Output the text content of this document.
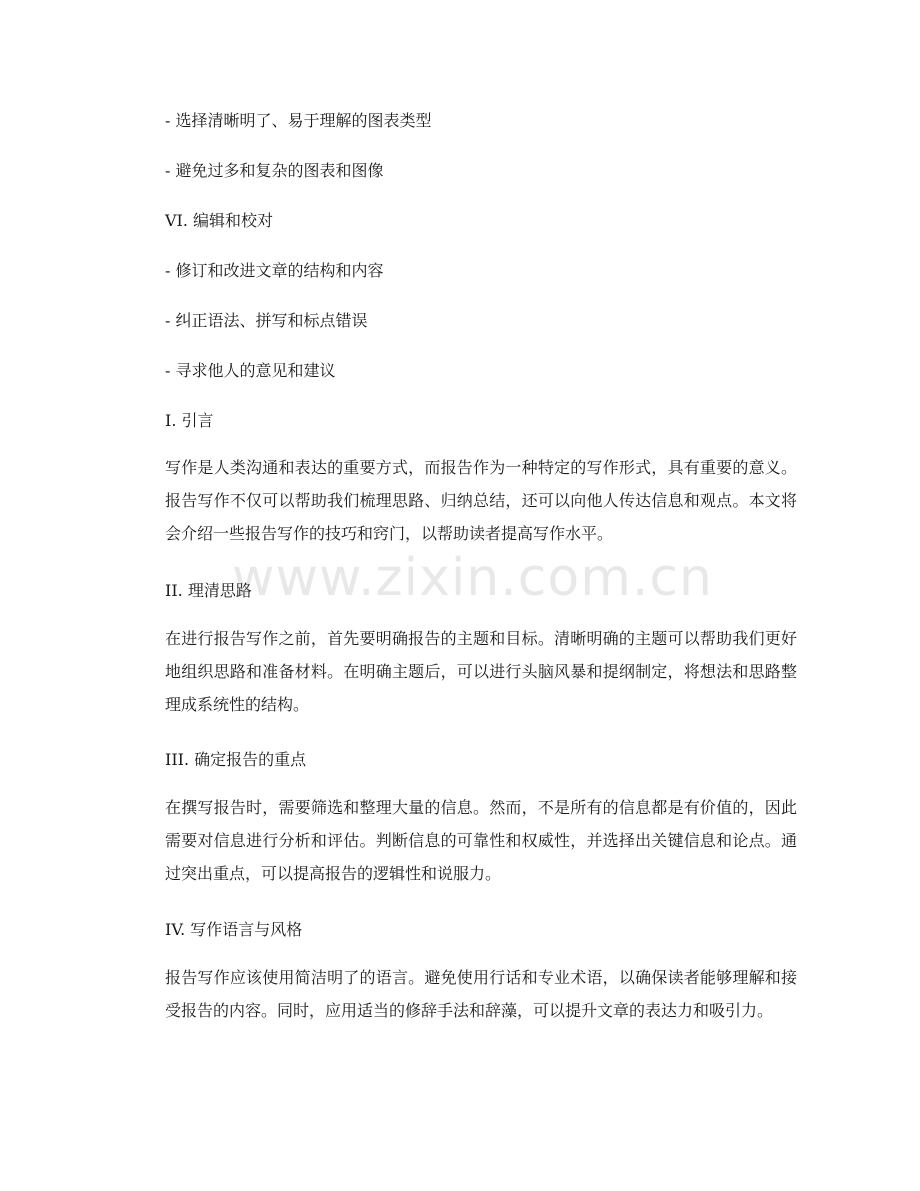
- 选择清晰明了、易于理解的图表类型
- 避免过多和复杂的图表和图像
VI. 编辑和校对
- 修订和改进文章的结构和内容
- 纠正语法、拼写和标点错误
- 寻求他人的意见和建议
I. 引言
写作是人类沟通和表达的重要方式，而报告作为一种特定的写作形式，具有重要的意义。报告写作不仅可以帮助我们梳理思路、归纳总结，还可以向他人传达信息和观点。本文将会介绍一些报告写作的技巧和窍门，以帮助读者提高写作水平。
II. 理清思路
在进行报告写作之前，首先要明确报告的主题和目标。清晰明确的主题可以帮助我们更好地组织思路和准备材料。在明确主题后，可以进行头脑风暴和提纲制定，将想法和思路整理成系统性的结构。
III. 确定报告的重点
在撰写报告时，需要筛选和整理大量的信息。然而，不是所有的信息都是有价值的，因此需要对信息进行分析和评估。判断信息的可靠性和权威性，并选择出关键信息和论点。通过突出重点，可以提高报告的逻辑性和说服力。
IV. 写作语言与风格
报告写作应该使用简洁明了的语言。避免使用行话和专业术语，以确保读者能够理解和接受报告的内容。同时，应用适当的修辞手法和辞藻，可以提升文章的表达力和吸引力。
www.zixin.com.cn
